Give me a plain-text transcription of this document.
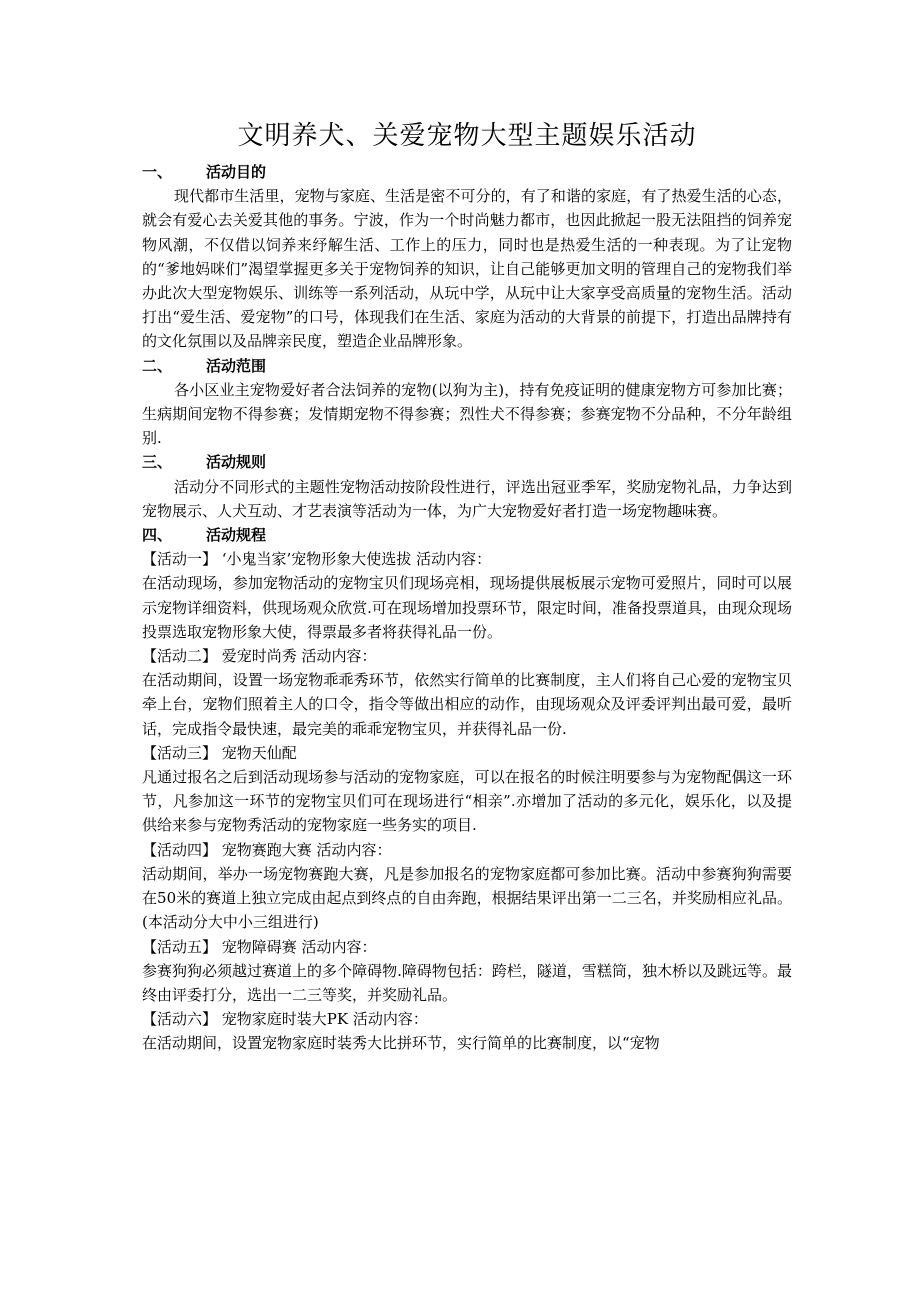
文明养犬、关爱宠物大型主题娱乐活动
一、	活动目的

现代都市生活里，宠物与家庭、生活是密不可分的，有了和谐的家庭，有了热爱生活的心态，就会有爱心去关爱其他的事务。宁波，作为一个时尚魅力都市，也因此掀起一股无法阻挡的饲养宠物风潮，不仅借以饲养来纾解生活、工作上的压力，同时也是热爱生活的一种表现。为了让宠物的“爹地妈咪们”渴望掌握更多关于宠物饲养的知识，让自己能够更加文明的管理自己的宠物我们举办此次大型宠物娱乐、训练等一系列活动，从玩中学，从玩中让大家享受高质量的宠物生活。活动打出“爱生活、爱宠物”的口号，体现我们在生活、家庭为活动的大背景的前提下，打造出品牌持有的文化氛围以及品牌亲民度，塑造企业品牌形象。

二、	活动范围

各小区业主宠物爱好者合法饲养的宠物(以狗为主)，持有免疫证明的健康宠物方可参加比赛；生病期间宠物不得参赛；发情期宠物不得参赛；烈性犬不得参赛；参赛宠物不分品种，不分年龄组别.

三、	活动规则

活动分不同形式的主题性宠物活动按阶段性进行，评选出冠亚季军，奖励宠物礼品，力争达到宠物展示、人犬互动、才艺表演等活动为一体，为广大宠物爱好者打造一场宠物趣味赛。

四、	活动规程

【活动一】 ‘小鬼当家’宠物形象大使选拔 活动内容：

在活动现场，参加宠物活动的宠物宝贝们现场亮相，现场提供展板展示宠物可爱照片，同时可以展示宠物详细资料，供现场观众欣赏.可在现场增加投票环节，限定时间，准备投票道具，由现众现场投票选取宠物形象大使，得票最多者将获得礼品一份。

【活动二】 爱宠时尚秀 活动内容：

在活动期间，设置一场宠物乖乖秀环节，依然实行简单的比赛制度，主人们将自己心爱的宠物宝贝牵上台，宠物们照着主人的口令，指令等做出相应的动作，由现场观众及评委评判出最可爱，最听话，完成指令最快速，最完美的乖乖宠物宝贝，并获得礼品一份.

【活动三】 宠物天仙配

凡通过报名之后到活动现场参与活动的宠物家庭，可以在报名的时候注明要参与为宠物配偶这一环节，凡参加这一环节的宠物宝贝们可在现场进行“相亲”.亦增加了活动的多元化，娱乐化，以及提供给来参与宠物秀活动的宠物家庭一些务实的项目.

【活动四】 宠物赛跑大赛 活动内容：

活动期间，举办一场宠物赛跑大赛，凡是参加报名的宠物家庭都可参加比赛。活动中参赛狗狗需要在50米的赛道上独立完成由起点到终点的自由奔跑，根据结果评出第一二三名，并奖励相应礼品。(本活动分大中小三组进行)

【活动五】 宠物障碍赛 活动内容：

参赛狗狗必须越过赛道上的多个障碍物.障碍物包括：跨栏，隧道，雪糕筒，独木桥以及跳远等。最终由评委打分，选出一二三等奖，并奖励礼品。

【活动六】 宠物家庭时装大PK 活动内容：

在活动期间，设置宠物家庭时装秀大比拼环节，实行简单的比赛制度，以“宠物
